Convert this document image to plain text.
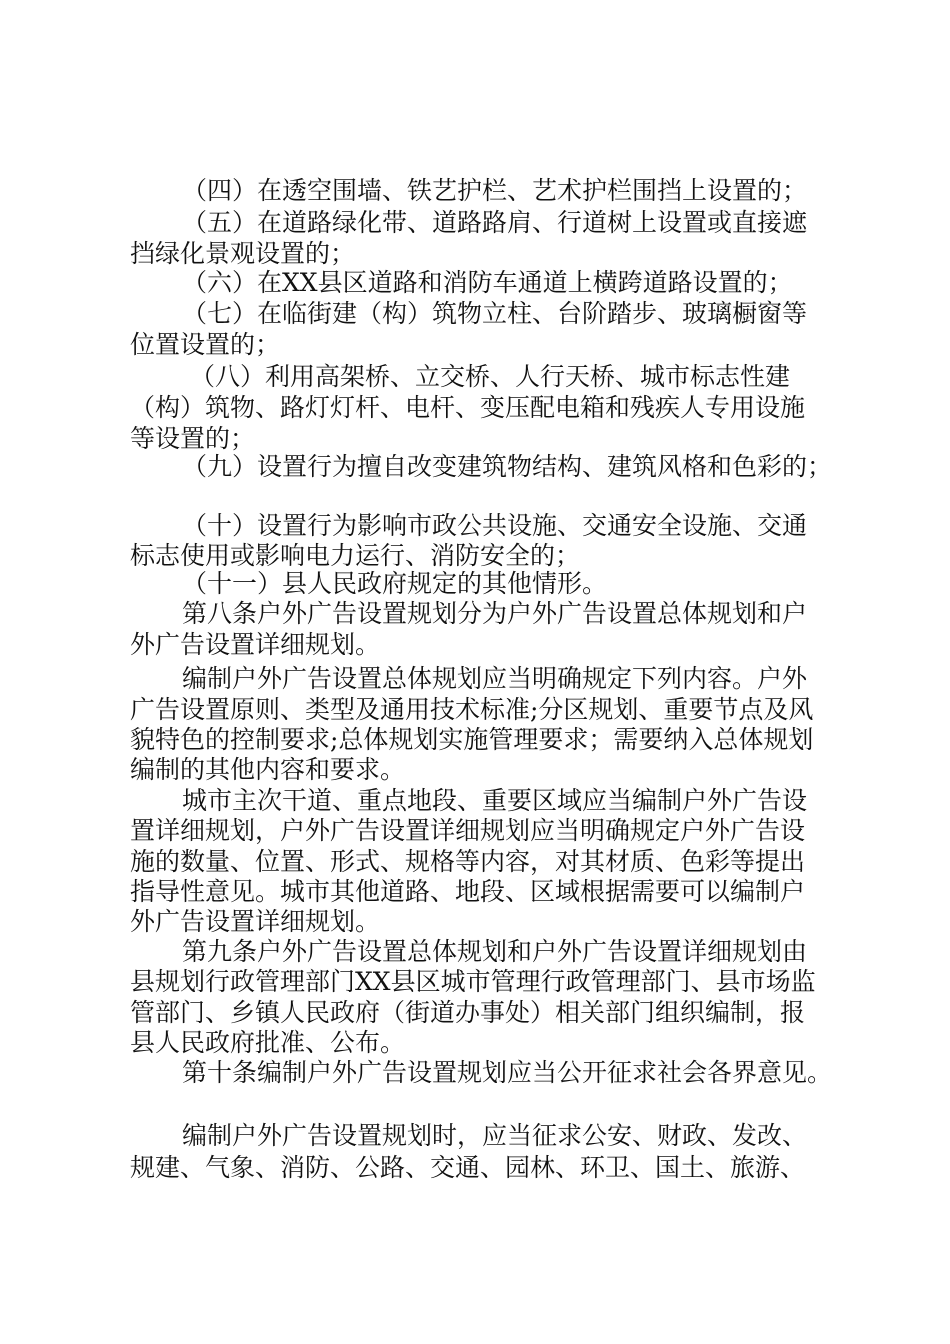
（四）在透空围墙、铁艺护栏、艺术护栏围挡上设置的；
（五）在道路绿化带、道路路肩、行道树上设置或直接遮
挡绿化景观设置的；
（六）在XX县区道路和消防车通道上横跨道路设置的；
（七）在临街建（构）筑物立柱、台阶踏步、玻璃橱窗等
位置设置的；
（八）利用高架桥、立交桥、人行天桥、城市标志性建
（构）筑物、路灯灯杆、电杆、变压配电箱和残疾人专用设施
等设置的；
（九）设置行为擅自改变建筑物结构、建筑风格和色彩的；
（十）设置行为影响市政公共设施、交通安全设施、交通
标志使用或影响电力运行、消防安全的；
（十一）县人民政府规定的其他情形。
第八条户外广告设置规划分为户外广告设置总体规划和户
外广告设置详细规划。
编制户外广告设置总体规划应当明确规定下列内容。户外
广告设置原则、类型及通用技术标准;分区规划、重要节点及风
貌特色的控制要求;总体规划实施管理要求；需要纳入总体规划
编制的其他内容和要求。
城市主次干道、重点地段、重要区域应当编制户外广告设
置详细规划，户外广告设置详细规划应当明确规定户外广告设
施的数量、位置、形式、规格等内容，对其材质、色彩等提出
指导性意见。城市其他道路、地段、区域根据需要可以编制户
外广告设置详细规划。
第九条户外广告设置总体规划和户外广告设置详细规划由
县规划行政管理部门XX县区城市管理行政管理部门、县市场监
管部门、乡镇人民政府（街道办事处）相关部门组织编制，报
县人民政府批准、公布。
第十条编制户外广告设置规划应当公开征求社会各界意见。
编制户外广告设置规划时，应当征求公安、财政、发改、
规建、气象、消防、公路、交通、园林、环卫、国土、旅游、
